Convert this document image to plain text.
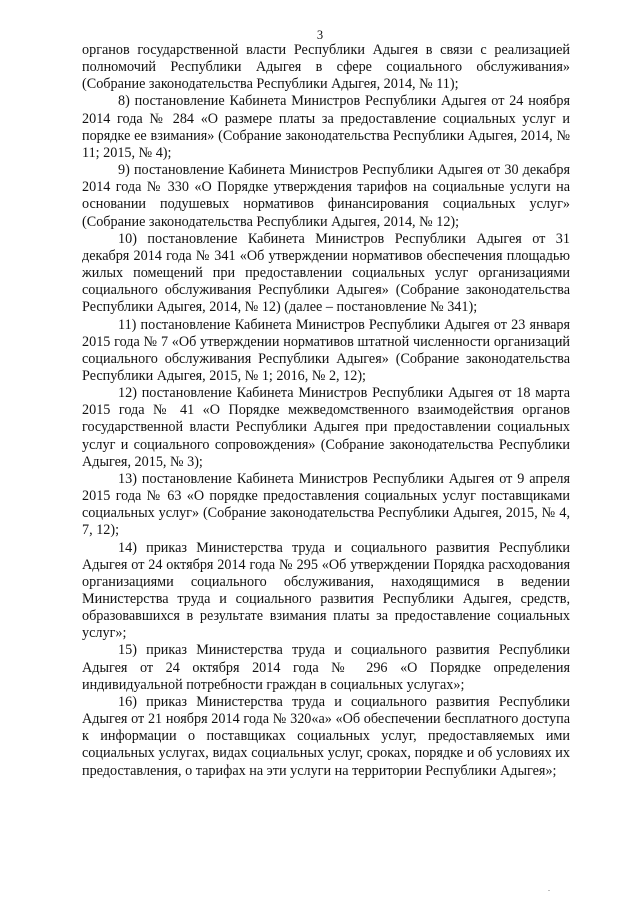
3

органов государственной власти Республики Адыгея в связи с реализацией полномочий Республики Адыгея в сфере социального обслуживания» (Собрание законодательства Республики Адыгея, 2014, № 11);

8) постановление Кабинета Министров Республики Адыгея от 24 ноября 2014 года № 284 «О размере платы за предоставление социальных услуг и порядке ее взимания» (Собрание законодательства Республики Адыгея, 2014, № 11; 2015, № 4);

9) постановление Кабинета Министров Республики Адыгея от 30 декабря 2014 года № 330 «О Порядке утверждения тарифов на социальные услуги на основании подушевых нормативов финансирования социальных услуг» (Собрание законодательства Республики Адыгея, 2014, № 12);

10) постановление Кабинета Министров Республики Адыгея от 31 декабря 2014 года № 341 «Об утверждении нормативов обеспечения площадью жилых помещений при предоставлении социальных услуг организациями социального обслуживания Республики Адыгея» (Собрание законодательства Республики Адыгея, 2014, № 12) (далее – постановление № 341);

11) постановление Кабинета Министров Республики Адыгея от 23 января 2015 года № 7 «Об утверждении нормативов штатной численности организаций социального обслуживания Республики Адыгея» (Собрание законодательства Республики Адыгея, 2015, № 1; 2016, № 2, 12);

12) постановление Кабинета Министров Республики Адыгея от 18 марта 2015 года № 41 «О Порядке межведомственного взаимодействия органов государственной власти Республики Адыгея при предоставлении социальных услуг и социального сопровождения» (Собрание законодательства Республики Адыгея, 2015, № 3);

13) постановление Кабинета Министров Республики Адыгея от 9 апреля 2015 года № 63 «О порядке предоставления социальных услуг поставщиками социальных услуг» (Собрание законодательства Республики Адыгея, 2015, № 4, 7, 12);

14) приказ Министерства труда и социального развития Республики Адыгея от 24 октября 2014 года № 295 «Об утверждении Порядка расходования организациями социального обслуживания, находящимися в ведении Министерства труда и социального развития Республики Адыгея, средств, образовавшихся в результате взимания платы за предоставление социальных услуг»;

15) приказ Министерства труда и социального развития Республики Адыгея от 24 октября 2014 года № 296 «О Порядке определения индивидуальной потребности граждан в социальных услугах»;

16) приказ Министерства труда и социального развития Республики Адыгея от 21 ноября 2014 года № 320«а» «Об обеспечении бесплатного доступа к информации о поставщиках социальных услуг, предоставляемых ими социальных услугах, видах социальных услуг, сроках, порядке и об условиях их предоставления, о тарифах на эти услуги на территории Республики Адыгея»;

.
